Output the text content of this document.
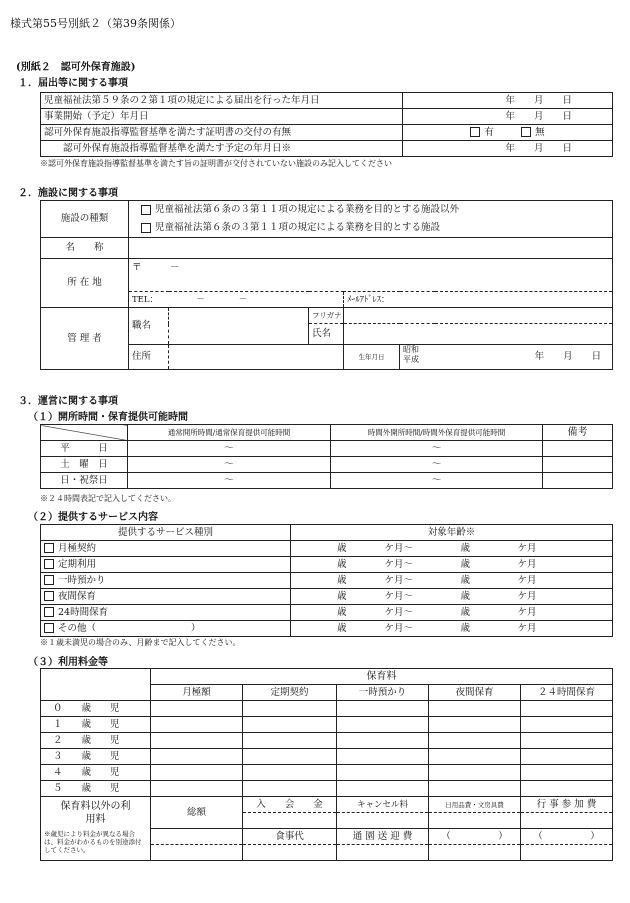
様式第55号別紙２（第39条関係）
(別紙２　認可外保育施設)
１．届出等に関する事項
児童福祉法第５９条の２第１項の規定による届出を行った年月日	年　　月　　日
事業開始（予定）年月日	年　　月　　日
認可外保育施設指導監督基準を満たす証明書の交付の有無	有 無
認可外保育施設指導監督基準を満たす予定の年月日※	年　　月　　日
※認可外保育施設指導監督基準を満たす旨の証明書が交付されていない施設のみ記入してください
２．施設に関する事項
施設の種類	児童福祉法第６条の３第１１項の規定による業務を目的とする施設以外				
	児童福祉法第６条の３第１１項の規定による業務を目的とする施設				
名　　称					
所 在 地	〒　　　－				
	TEL：　　　　　－　　　　－			ﾒｰﾙｱﾄﾞﾚｽ：	
管 理 者	職名		フリガナ		
			氏名		
	住所			生年月日	昭和
平成 年　　月　　日
３．運営に関する事項
（１）開所時間・保育提供可能時間
	通常開所時間/通常保育提供可能時間	時間外開所時間/時間外保育提供可能時間	備考
平　　　日	～	～	
土　曜　日	～	～	
日・祝祭日	～	～	
※２４時間表記で記入してください。
（２）提供するサービス内容
提供するサービス種別	対象年齢※
月極契約	歳　　　　ケ月～　　　　　歳　　　　　ケ月
定期利用	歳　　　　ケ月～　　　　　歳　　　　　ケ月
一時預かり	歳　　　　ケ月～　　　　　歳　　　　　ケ月
夜間保育	歳　　　　ケ月～　　　　　歳　　　　　ケ月
24時間保育	歳　　　　ケ月～　　　　　歳　　　　　ケ月
その他（　　　　　　　　　　）	歳　　　　ケ月～　　　　　歳　　　　　ケ月
※１歳未満児の場合のみ、月齢まで記入してください。
（３）利用料金等
	保育料				
	月極額	定期契約	一時預かり	夜間保育	２４時間保育
０　　歳　　児					
１　　歳　　児					
２　　歳　　児					
３　　歳　　児					
４　　歳　　児					
５　　歳　　児					

保育料以外の利用料
※歳児により料金が異なる場合は、料金がわかるものを別途添付してください。	総額	入　　会　　金	キャンセル料	日用品費・文房具費	行 事 参 加 費

		食事代	通 園 送 迎 費	（　　　　　）	（　　　　　）
